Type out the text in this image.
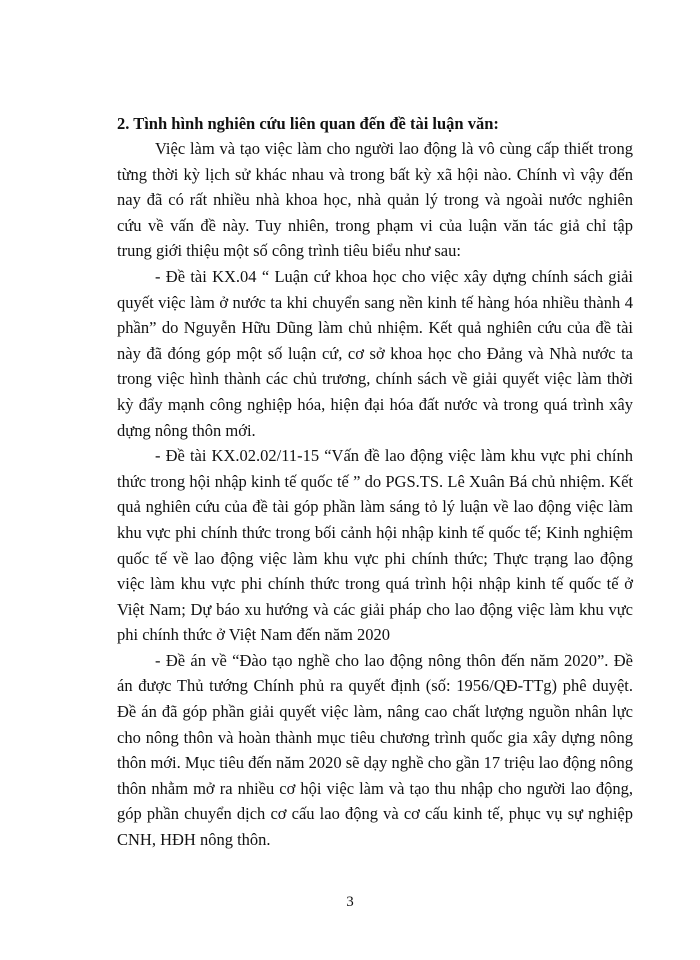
2. Tình hình nghiên cứu liên quan đến đề tài luận văn:

Việc làm và tạo việc làm cho người lao động là vô cùng cấp thiết trong từng thời kỳ lịch sử khác nhau và trong bất kỳ xã hội nào. Chính vì vậy đến nay đã có rất nhiều nhà khoa học, nhà quản lý trong và ngoài nước nghiên cứu về vấn đề này. Tuy nhiên, trong phạm vi của luận văn tác giả chỉ tập trung giới thiệu một số công trình tiêu biểu như sau:

- Đề tài KX.04 “ Luận cứ khoa học cho việc xây dựng chính sách giải quyết việc làm ở nước ta khi chuyển sang nền kinh tế hàng hóa nhiều thành 4 phần” do Nguyễn Hữu Dũng làm chủ nhiệm. Kết quả nghiên cứu của đề tài này đã đóng góp một số luận cứ, cơ sở khoa học cho Đảng và Nhà nước ta trong việc hình thành các chủ trương, chính sách về giải quyết việc làm thời kỳ đẩy mạnh công nghiệp hóa, hiện đại hóa đất nước và trong quá trình xây dựng nông thôn mới.

- Đề tài KX.02.02/11-15 “Vấn đề lao động việc làm khu vực phi chính thức trong hội nhập kinh tế quốc tế ” do PGS.TS. Lê Xuân Bá chủ nhiệm. Kết quả nghiên cứu của đề tài góp phần làm sáng tỏ lý luận về lao động việc làm khu vực phi chính thức trong bối cảnh hội nhập kinh tế quốc tế; Kinh nghiệm quốc tế về lao động việc làm khu vực phi chính thức; Thực trạng lao động việc làm khu vực phi chính thức trong quá trình hội nhập kinh tế quốc tế ở Việt Nam; Dự báo xu hướng và các giải pháp cho lao động việc làm khu vực phi chính thức ở Việt Nam đến năm 2020

- Đề án về “Đào tạo nghề cho lao động nông thôn đến năm 2020”. Đề án được Thủ tướng Chính phủ ra quyết định (số: 1956/QĐ-TTg) phê duyệt. Đề án đã góp phần giải quyết việc làm, nâng cao chất lượng nguồn nhân lực cho nông thôn và hoàn thành mục tiêu chương trình quốc gia xây dựng nông thôn mới. Mục tiêu đến năm 2020 sẽ dạy nghề cho gần 17 triệu lao động nông thôn nhằm mở ra nhiều cơ hội việc làm và tạo thu nhập cho người lao động, góp phần chuyển dịch cơ cấu lao động và cơ cấu kinh tế, phục vụ sự nghiệp CNH, HĐH nông thôn.

3
